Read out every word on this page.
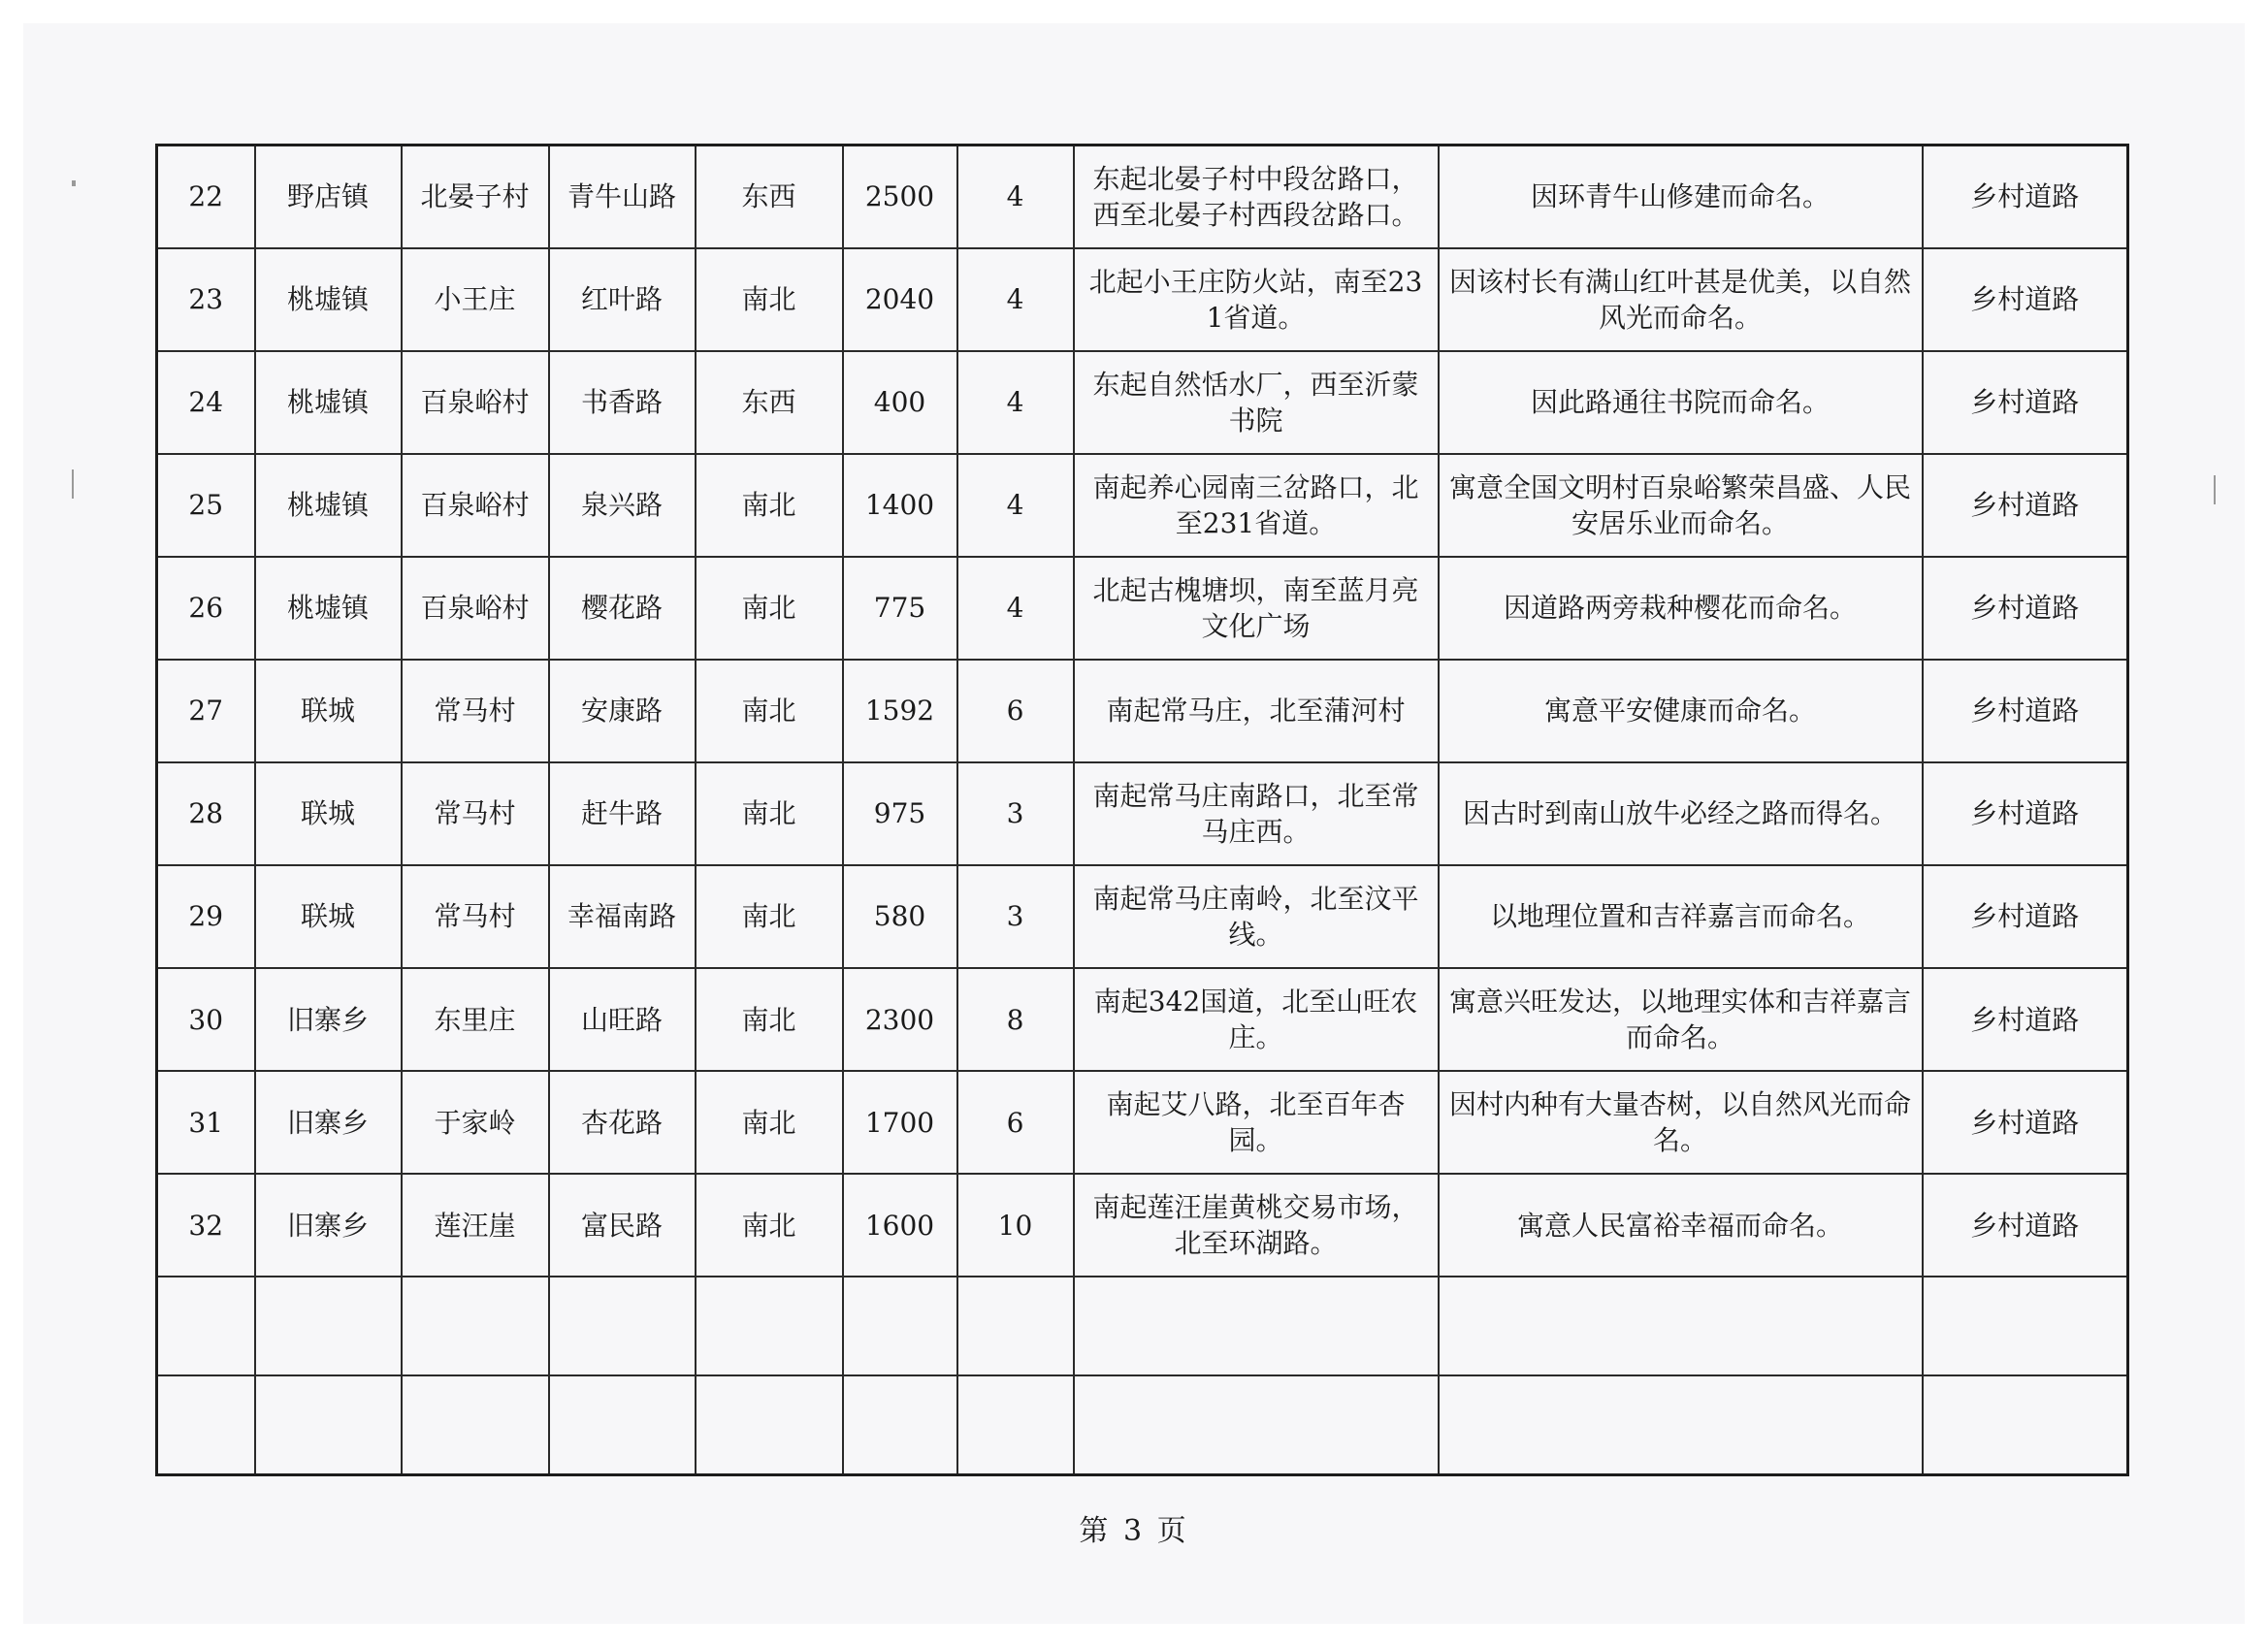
22	野店镇	北晏子村	青牛山路	东西	2500	4	东起北晏子村中段岔路口，西至北晏子村西段岔路口。	因环青牛山修建而命名。	乡村道路
23	桃墟镇	小王庄	红叶路	南北	2040	4	北起小王庄防火站，南至231省道。	因该村长有满山红叶甚是优美，以自然风光而命名。	乡村道路
24	桃墟镇	百泉峪村	书香路	东西	400	4	东起自然恬水厂，西至沂蒙书院	因此路通往书院而命名。	乡村道路
25	桃墟镇	百泉峪村	泉兴路	南北	1400	4	南起养心园南三岔路口，北至231省道。	寓意全国文明村百泉峪繁荣昌盛、人民安居乐业而命名。	乡村道路
26	桃墟镇	百泉峪村	樱花路	南北	775	4	北起古槐塘坝，南至蓝月亮文化广场	因道路两旁栽种樱花而命名。	乡村道路
27	联城	常马村	安康路	南北	1592	6	南起常马庄，北至蒲河村	寓意平安健康而命名。	乡村道路
28	联城	常马村	赶牛路	南北	975	3	南起常马庄南路口，北至常马庄西。	因古时到南山放牛必经之路而得名。	乡村道路
29	联城	常马村	幸福南路	南北	580	3	南起常马庄南岭，北至汶平线。	以地理位置和吉祥嘉言而命名。	乡村道路
30	旧寨乡	东里庄	山旺路	南北	2300	8	南起342国道，北至山旺农庄。	寓意兴旺发达，以地理实体和吉祥嘉言而命名。	乡村道路
31	旧寨乡	于家岭	杏花路	南北	1700	6	南起艾八路，北至百年杏园。	因村内种有大量杏树，以自然风光而命名。	乡村道路
32	旧寨乡	莲汪崖	富民路	南北	1600	10	南起莲汪崖黄桃交易市场，北至环湖路。	寓意人民富裕幸福而命名。	乡村道路

第 3 页
